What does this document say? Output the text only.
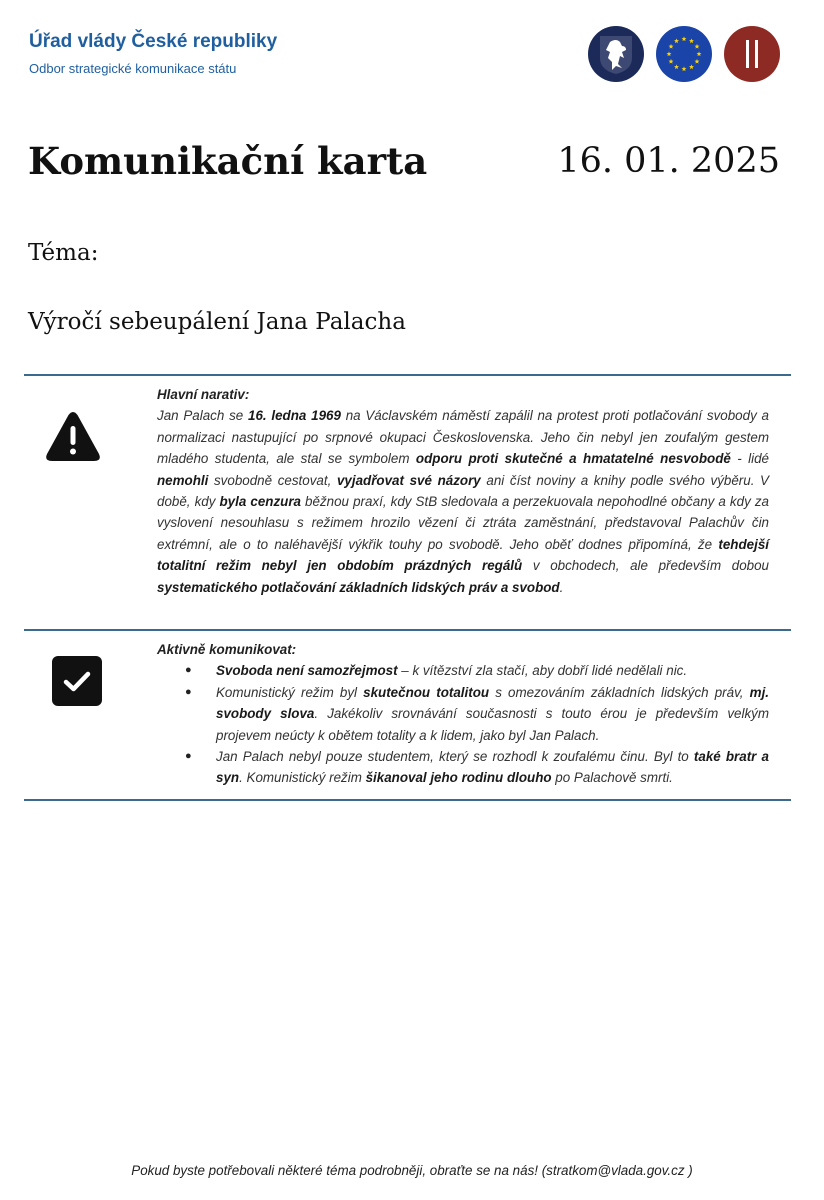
Úřad vlády České republiky
Odbor strategické komunikace státu
Komunikační karta	16. 01. 2025
Téma:
Výročí sebeupálení Jana Palacha
Hlavní narativ:
Jan Palach se 16. ledna 1969 na Václavském náměstí zapálil na protest proti potlačování svobody a normalizaci nastupující po srpnové okupaci Československa. Jeho čin nebyl jen zoufalým gestem mladého studenta, ale stal se symbolem odporu proti skutečné a hmatatelné nesvobodě - lidé nemohli svobodně cestovat, vyjadřovat své názory ani číst noviny a knihy podle svého výběru. V době, kdy byla cenzura běžnou praxí, kdy StB sledovala a perzekuovala nepohodlné občany a kdy za vyslovení nesouhlasu s režimem hrozilo vězení či ztráta zaměstnání, představoval Palachův čin extrémní, ale o to naléhavější výkřik touhy po svobodě. Jeho oběť dodnes připomíná, že tehdejší totalitní režim nebyl jen obdobím prázdných regálů v obchodech, ale především dobou systematického potlačování základních lidských práv a svobod.
Aktivně komunikovat:
● Svoboda není samozřejmost – k vítězství zla stačí, aby dobří lidé nedělali nic.
● Komunistický režim byl skutečnou totalitou s omezováním základních lidských práv, mj. svobody slova. Jakékoliv srovnávání současnosti s touto érou je především velkým projevem neúcty k obětem totality a k lidem, jako byl Jan Palach.
● Jan Palach nebyl pouze studentem, který se rozhodl k zoufalému činu. Byl to také bratr a syn. Komunistický režim šikanoval jeho rodinu dlouho po Palachově smrti.
Pokud byste potřebovali některé téma podrobněji, obraťte se na nás! (stratkom@vlada.gov.cz )
